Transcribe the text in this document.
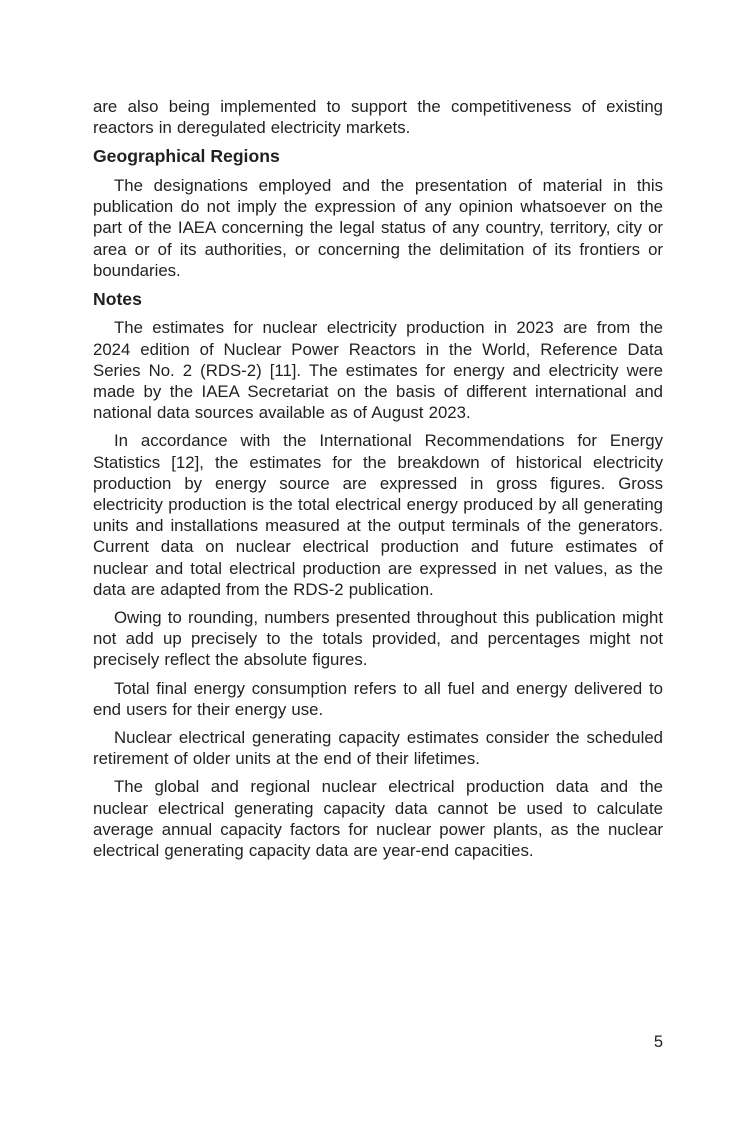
are also being implemented to support the competitiveness of existing reactors in deregulated electricity markets.

Geographical Regions

The designations employed and the presentation of material in this publication do not imply the expression of any opinion whatsoever on the part of the IAEA concerning the legal status of any country, territory, city or area or of its authorities, or concerning the delimitation of its frontiers or boundaries.

Notes

The estimates for nuclear electricity production in 2023 are from the 2024 edition of Nuclear Power Reactors in the World, Reference Data Series No. 2 (RDS-2) [11]. The estimates for energy and electricity were made by the IAEA Secretariat on the basis of different international and national data sources available as of August 2023.

In accordance with the International Recommendations for Energy Statistics [12], the estimates for the breakdown of historical electricity production by energy source are expressed in gross figures. Gross electricity production is the total electrical energy produced by all generating units and installations measured at the output terminals of the generators. Current data on nuclear electrical production and future estimates of nuclear and total electrical production are expressed in net values, as the data are adapted from the RDS-2 publication.

Owing to rounding, numbers presented throughout this publication might not add up precisely to the totals provided, and percentages might not precisely reflect the absolute figures.

Total final energy consumption refers to all fuel and energy delivered to end users for their energy use.

Nuclear electrical generating capacity estimates consider the scheduled retirement of older units at the end of their lifetimes.

The global and regional nuclear electrical production data and the nuclear electrical generating capacity data cannot be used to calculate average annual capacity factors for nuclear power plants, as the nuclear electrical generating capacity data are year-end capacities.

5
